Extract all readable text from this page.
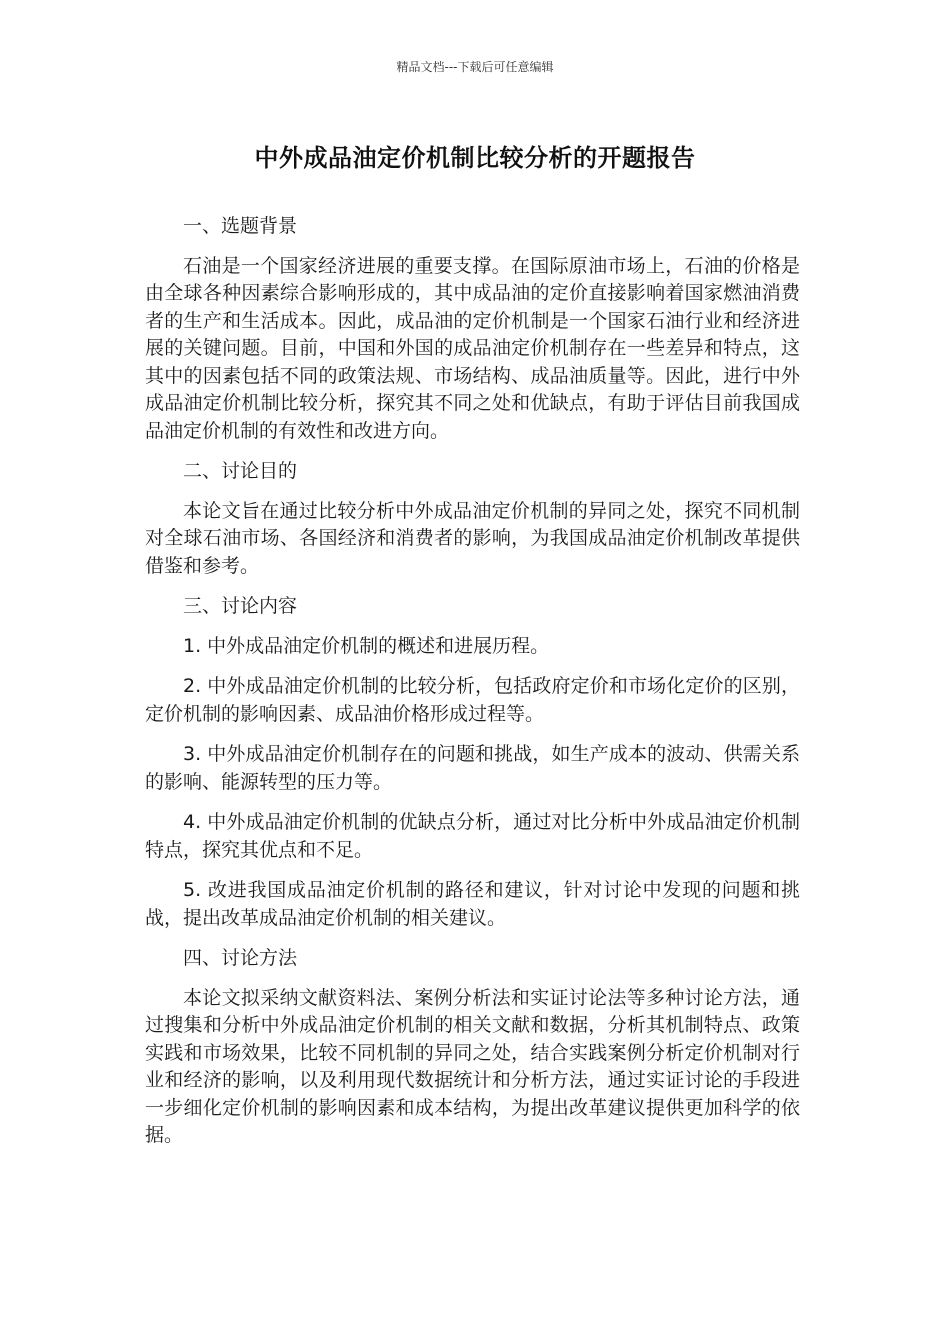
精品文档---下载后可任意编辑
中外成品油定价机制比较分析的开题报告

一、选题背景

石油是一个国家经济进展的重要支撑。在国际原油市场上，石油的价格是由全球各种因素综合影响形成的，其中成品油的定价直接影响着国家燃油消费者的生产和生活成本。因此，成品油的定价机制是一个国家石油行业和经济进展的关键问题。目前，中国和外国的成品油定价机制存在一些差异和特点，这其中的因素包括不同的政策法规、市场结构、成品油质量等。因此，进行中外成品油定价机制比较分析，探究其不同之处和优缺点，有助于评估目前我国成品油定价机制的有效性和改进方向。

二、讨论目的

本论文旨在通过比较分析中外成品油定价机制的异同之处，探究不同机制对全球石油市场、各国经济和消费者的影响，为我国成品油定价机制改革提供借鉴和参考。

三、讨论内容

1. 中外成品油定价机制的概述和进展历程。

2. 中外成品油定价机制的比较分析，包括政府定价和市场化定价的区别，定价机制的影响因素、成品油价格形成过程等。

3. 中外成品油定价机制存在的问题和挑战，如生产成本的波动、供需关系的影响、能源转型的压力等。

4. 中外成品油定价机制的优缺点分析，通过对比分析中外成品油定价机制特点，探究其优点和不足。

5. 改进我国成品油定价机制的路径和建议，针对讨论中发现的问题和挑战，提出改革成品油定价机制的相关建议。

四、讨论方法

本论文拟采纳文献资料法、案例分析法和实证讨论法等多种讨论方法，通过搜集和分析中外成品油定价机制的相关文献和数据，分析其机制特点、政策实践和市场效果，比较不同机制的异同之处，结合实践案例分析定价机制对行业和经济的影响，以及利用现代数据统计和分析方法，通过实证讨论的手段进一步细化定价机制的影响因素和成本结构，为提出改革建议提供更加科学的依据。
